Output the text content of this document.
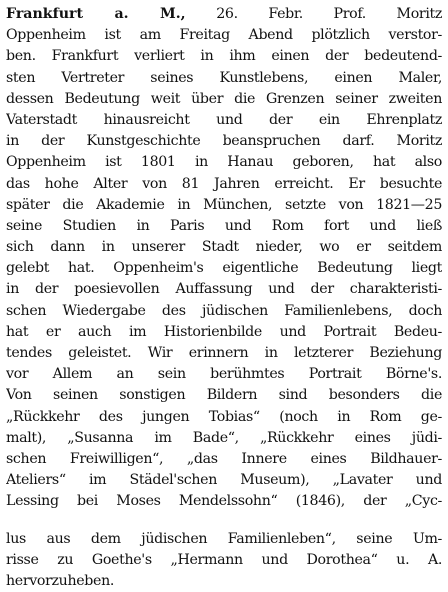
Frankfurt a. M., 26. Febr. Prof. Moritz
Oppenheim ist am Freitag Abend plötzlich verstor-
ben. Frankfurt verliert in ihm einen der bedeutend-
sten Vertreter seines Kunstlebens, einen Maler,
dessen Bedeutung weit über die Grenzen seiner zweiten
Vaterstadt hinausreicht und der ein Ehrenplatz
in der Kunstgeschichte beanspruchen darf. Moritz
Oppenheim ist 1801 in Hanau geboren, hat also
das hohe Alter von 81 Jahren erreicht. Er besuchte
später die Akademie in München, setzte von 1821—25
seine Studien in Paris und Rom fort und ließ
sich dann in unserer Stadt nieder, wo er seitdem
gelebt hat. Oppenheim's eigentliche Bedeutung liegt
in der poesievollen Auffassung und der charakteristi-
schen Wiedergabe des jüdischen Familienlebens, doch
hat er auch im Historienbilde und Portrait Bedeu-
tendes geleistet. Wir erinnern in letzterer Beziehung
vor Allem an sein berühmtes Portrait Börne's.
Von seinen sonstigen Bildern sind besonders die
„Rückkehr des jungen Tobias“ (noch in Rom ge-
malt), „Susanna im Bade“, „Rückkehr eines jüdi-
schen Freiwilligen“, „das Innere eines Bildhauer-
Ateliers“ im Städel'schen Museum), „Lavater und
Lessing bei Moses Mendelssohn“ (1846), der „Cyc-
lus aus dem jüdischen Familienleben“, seine Um-
risse zu Goethe's „Hermann und Dorothea“ u. A.
hervorzuheben.
